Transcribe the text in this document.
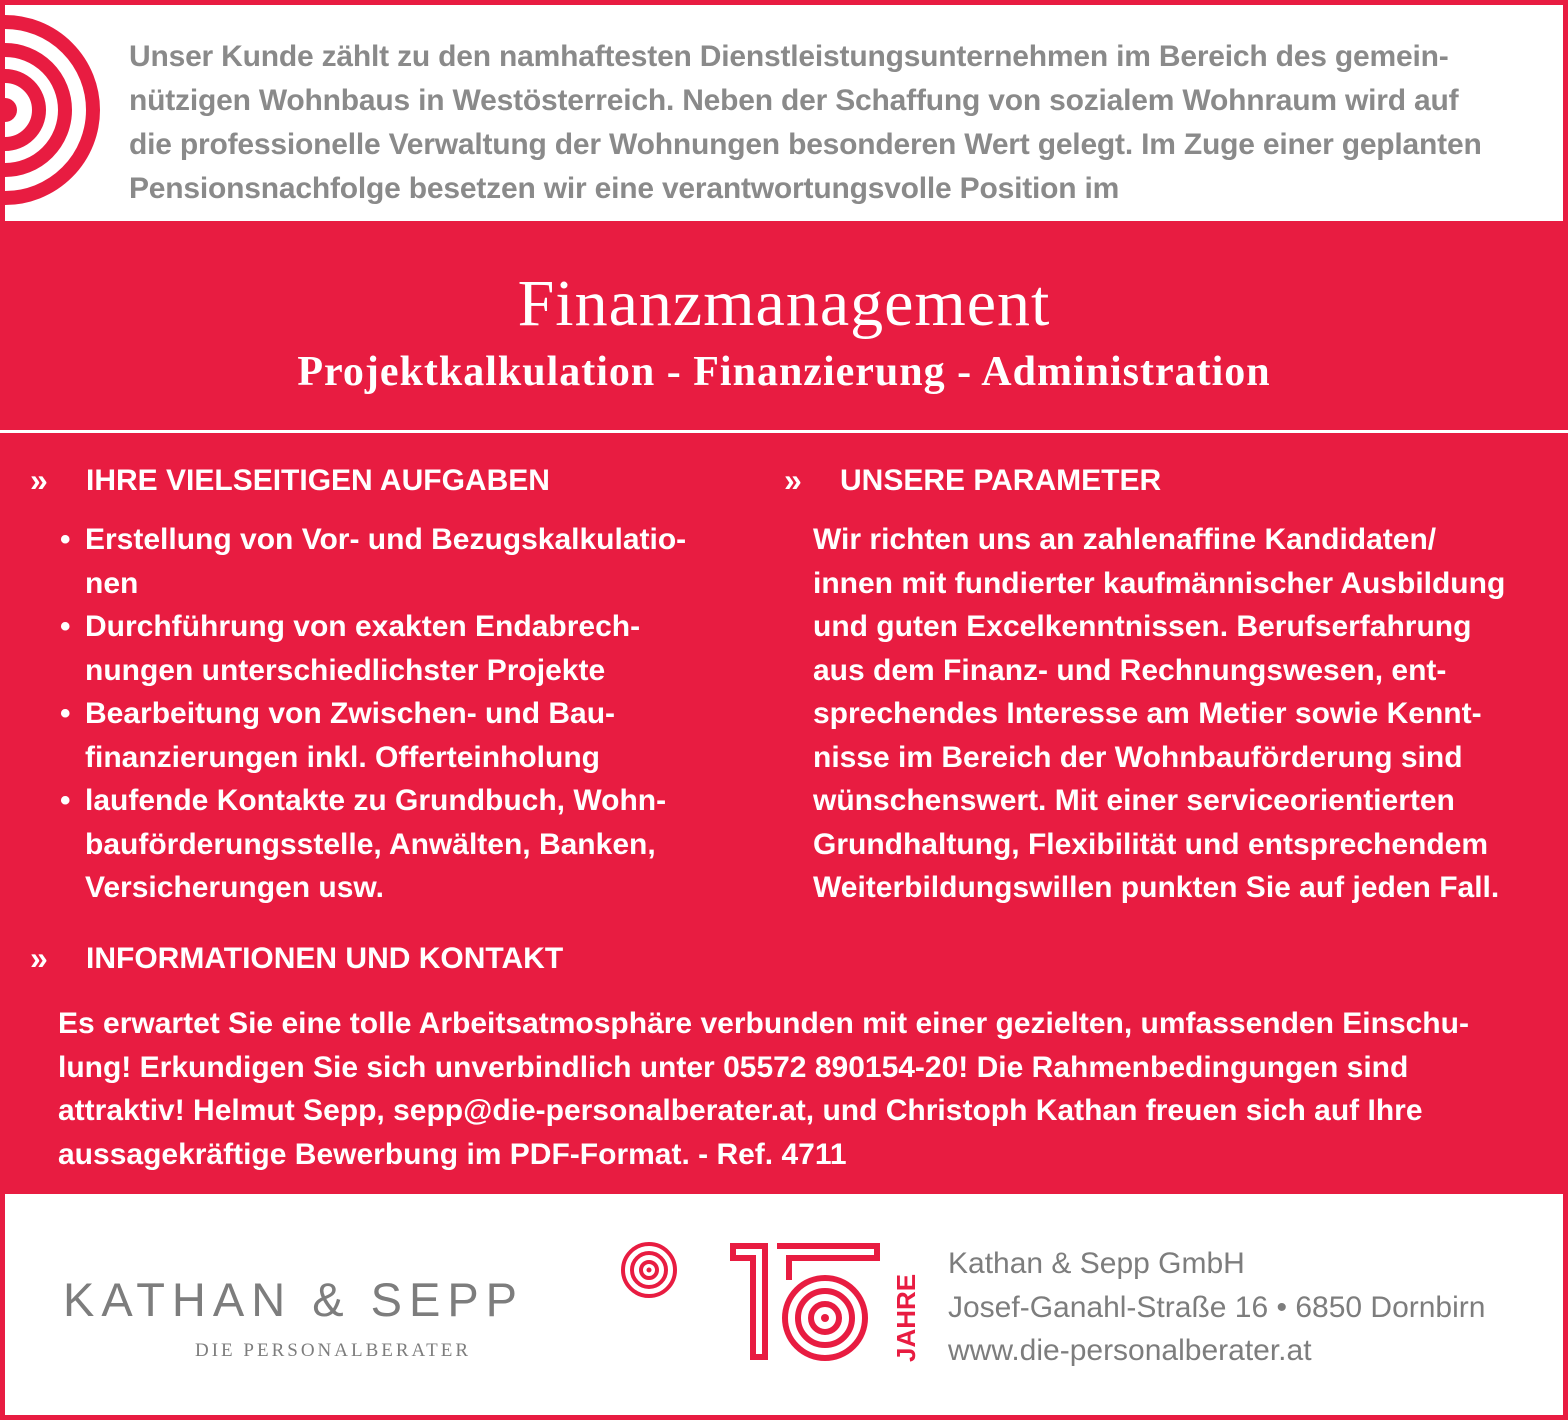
Unser Kunde zählt zu den namhaftesten Dienstleistungsunternehmen im Bereich des gemein-
nützigen Wohnbaus in Westösterreich. Neben der Schaffung von sozialem Wohnraum wird auf
die professionelle Verwaltung der Wohnungen besonderen Wert gelegt. Im Zuge einer geplanten
Pensionsnachfolge besetzen wir eine verantwortungsvolle Position im

Finanzmanagement
Projektkalkulation - Finanzierung - Administration
»	IHRE VIELSEITIGEN AUFGABEN
• Erstellung von Vor- und Bezugskalkulatio-
nen
• Durchführung von exakten Endabrech-
nungen unterschiedlichster Projekte
• Bearbeitung von Zwischen- und Bau-
finanzierungen inkl. Offerteinholung
• laufende Kontakte zu Grundbuch, Wohn-
bauförderungsstelle, Anwälten, Banken,
Versicherungen usw.
»	UNSERE PARAMETER

Wir richten uns an zahlenaffine Kandidaten/
innen mit fundierter kaufmännischer Ausbildung
und guten Excelkenntnissen. Berufserfahrung
aus dem Finanz- und Rechnungswesen, ent-
sprechendes Interesse am Metier sowie Kennt-
nisse im Bereich der Wohnbauförderung sind
wünschenswert. Mit einer serviceorientierten
Grundhaltung, Flexibilität und entsprechendem
Weiterbildungswillen punkten Sie auf jeden Fall.

»	INFORMATIONEN UND KONTAKT

Es erwartet Sie eine tolle Arbeitsatmosphäre verbunden mit einer gezielten, umfassenden Einschu-
lung! Erkundigen Sie sich unverbindlich unter 05572 890154-20! Die Rahmenbedingungen sind
attraktiv! Helmut Sepp, sepp@die-personalberater.at, und Christoph Kathan freuen sich auf Ihre
aussagekräftige Bewerbung im PDF-Format. - Ref. 4711

KATHAN & SEPP
DIE PERSONALBERATER	JAHRE

Kathan & Sepp GmbH
Josef-Ganahl-Straße 16 • 6850 Dornbirn
www.die-personalberater.at
